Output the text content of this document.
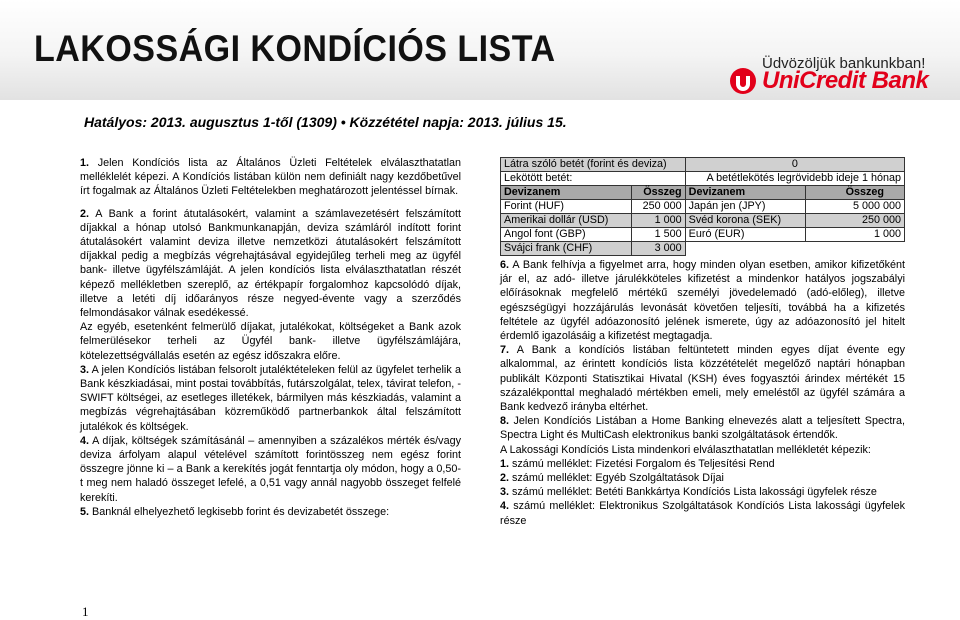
LAKOSSÁGI KONDÍCIÓS LISTA	Üdvözöljük bankunkban!
UniCredit Bank
Hatályos: 2013. augusztus 1-től (1309) • Közzététel napja: 2013. július 15.

1. Jelen Kondíciós lista az Általános Üzleti Feltételek elválaszthatatlan melléklelét képezi. A Kondíciós listában külön nem definiált nagy kezdőbetűvel írt fogalmak az Általános Üzleti Feltételekben meghatározott jelentéssel bírnak.

2. A Bank a forint átutalásokért, valamint a számlavezetésért felszámított díjakkal a hónap utolsó Bankmunkanapján, deviza számláról indított forint átutalásokért valamint deviza illetve nemzetközi átutalásokért felszámított díjakkal pedig a megbízás végrehajtásával egyidejűleg terheli meg az ügyfél bank- illetve ügyfélszámláját. A jelen kondíciós lista elválaszthatatlan részét képező mellékletben szereplő, az értékpapír forgalomhoz kapcsolódó díjak, illetve a letéti díj időarányos része negyed-évente vagy a szerződés felmondásakor válnak esedékessé.

Az egyéb, esetenként felmerülő díjakat, jutalékokat, költségeket a Bank azok felmerülésekor terheli az Ügyfél bank- illetve ügyfélszámlájára, kötelezettségvállalás esetén az egész időszakra előre.

3. A jelen Kondíciós listában felsorolt jutaléktételeken felül az ügyfelet terhelik a Bank készkiadásai, mint postai továbbítás, futárszolgálat, telex, távirat telefon, - SWIFT költségei, az esetleges illetékek, bármilyen más készkiadás, valamint a megbízás végrehajtásában közreműködő partnerbankok által felszámított jutalékok és költségek.

4. A díjak, költségek számításánál – amennyiben a százalékos mérték és/vagy deviza árfolyam alapul vételével számított forintösszeg nem egész forint összegre jönne ki – a Bank a kerekítés jogát fenntartja oly módon, hogy a 0,50-t meg nem haladó összeget lefelé, a 0,51 vagy annál nagyobb összeget felfelé kerekíti.

5. Banknál elhelyezhető legkisebb forint és devizabetét összege:

Látra szóló betét (forint és deviza)		0	
Lekötött betét:		A betétlekötés legrövidebb ideje 1 hónap	
Devizanem	Összeg	Devizanem	Összeg
Forint (HUF)	250 000	Japán jen (JPY)	5 000 000
Amerikai dollár (USD)	1 000	Svéd korona (SEK)	250 000
Angol font (GBP)	1 500	Euró (EUR)	1 000
Svájci frank (CHF)	3 000		

6. A Bank felhívja a figyelmet arra, hogy minden olyan esetben, amikor kifizetőként jár el, az adó- illetve járulékköteles kifizetést a mindenkor hatályos jogszabályi előírásoknak megfelelő mértékű személyi jövedelemadó (adó-előleg), illetve egészségügyi hozzájárulás levonását követően teljesíti, továbbá ha a kifizetés feltétele az ügyfél adóazonosító jelének ismerete, úgy az adóazonosító jel hitelt érdemlő igazolásáig a kifizetést megtagadja.

7. A Bank a kondíciós listában feltüntetett minden egyes díjat évente egy alkalommal, az érintett kondíciós lista közzétételét megelőző naptári hónapban publikált Központi Statisztikai Hivatal (KSH) éves fogyasztói árindex mértékét 15 százalékponttal meghaladó mértékben emeli, mely emeléstől az ügyfél számára a Bank kedvező irányba eltérhet.

8. Jelen Kondíciós Listában a Home Banking elnevezés alatt a teljesített Spectra, Spectra Light és MultiCash elektronikus banki szolgáltatások értendők.

A Lakossági Kondíciós Lista mindenkori elválaszthatatlan mellékletét képezik:

1. számú melléklet: Fizetési Forgalom és Teljesítési Rend

2. számú melléklet: Egyéb Szolgáltatások Díjai

3. számú melléklet: Betéti Bankkártya Kondíciós Lista lakossági ügyfelek része

4. számú melléklet: Elektronikus Szolgáltatások Kondíciós Lista lakossági ügyfelek része

1
